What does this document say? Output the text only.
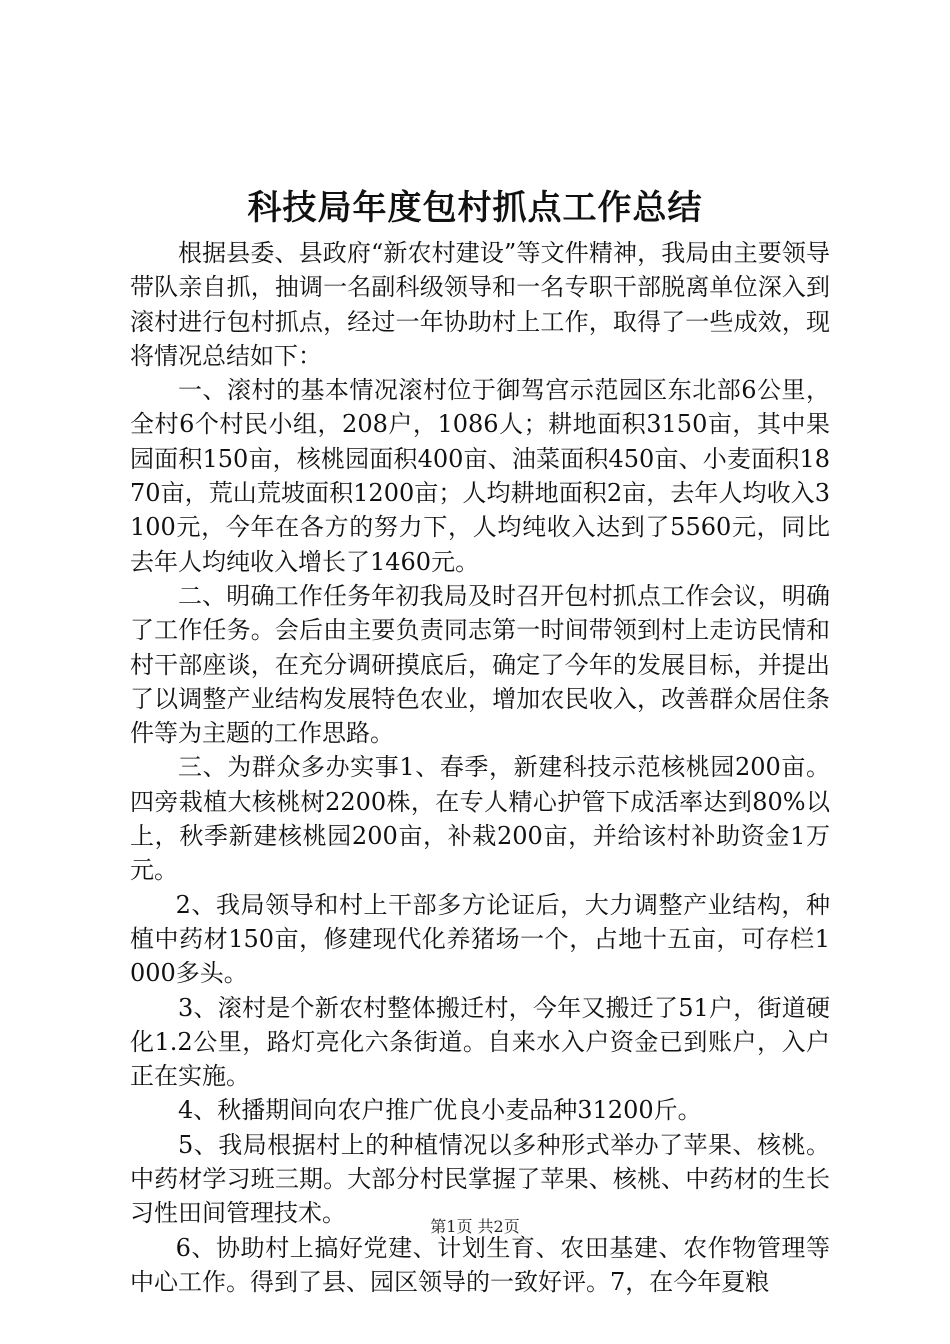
科技局年度包村抓点工作总结

根据县委、县政府“新农村建设”等文件精神，我局由主要领导带队亲自抓，抽调一名副科级领导和一名专职干部脱离单位深入到滚村进行包村抓点，经过一年协助村上工作，取得了一些成效，现将情况总结如下：

一、滚村的基本情况滚村位于御驾宫示范园区东北部6公里，全村6个村民小组，208户，1086人；耕地面积3150亩，其中果园面积150亩，核桃园面积400亩、油菜面积450亩、小麦面积1870亩，荒山荒坡面积1200亩；人均耕地面积2亩，去年人均收入3100元，今年在各方的努力下，人均纯收入达到了5560元，同比去年人均纯收入增长了1460元。

二、明确工作任务年初我局及时召开包村抓点工作会议，明确了工作任务。会后由主要负责同志第一时间带领到村上走访民情和村干部座谈，在充分调研摸底后，确定了今年的发展目标，并提出了以调整产业结构发展特色农业，增加农民收入，改善群众居住条件等为主题的工作思路。

三、为群众多办实事1、春季，新建科技示范核桃园200亩。四旁栽植大核桃树2200株，在专人精心护管下成活率达到80%以上，秋季新建核桃园200亩，补栽200亩，并给该村补助资金1万元。

2、我局领导和村上干部多方论证后，大力调整产业结构，种植中药材150亩，修建现代化养猪场一个，占地十五亩，可存栏1000多头。

3、滚村是个新农村整体搬迁村，今年又搬迁了51户，街道硬化1.2公里，路灯亮化六条街道。自来水入户资金已到账户，入户正在实施。

4、秋播期间向农户推广优良小麦品种31200斤。

5、我局根据村上的种植情况以多种形式举办了苹果、核桃。中药材学习班三期。大部分村民掌握了苹果、核桃、中药材的生长习性田间管理技术。

6、协助村上搞好党建、计划生育、农田基建、农作物管理等中心工作。得到了县、园区领导的一致好评。7，在今年夏粮

第1页 共2页
